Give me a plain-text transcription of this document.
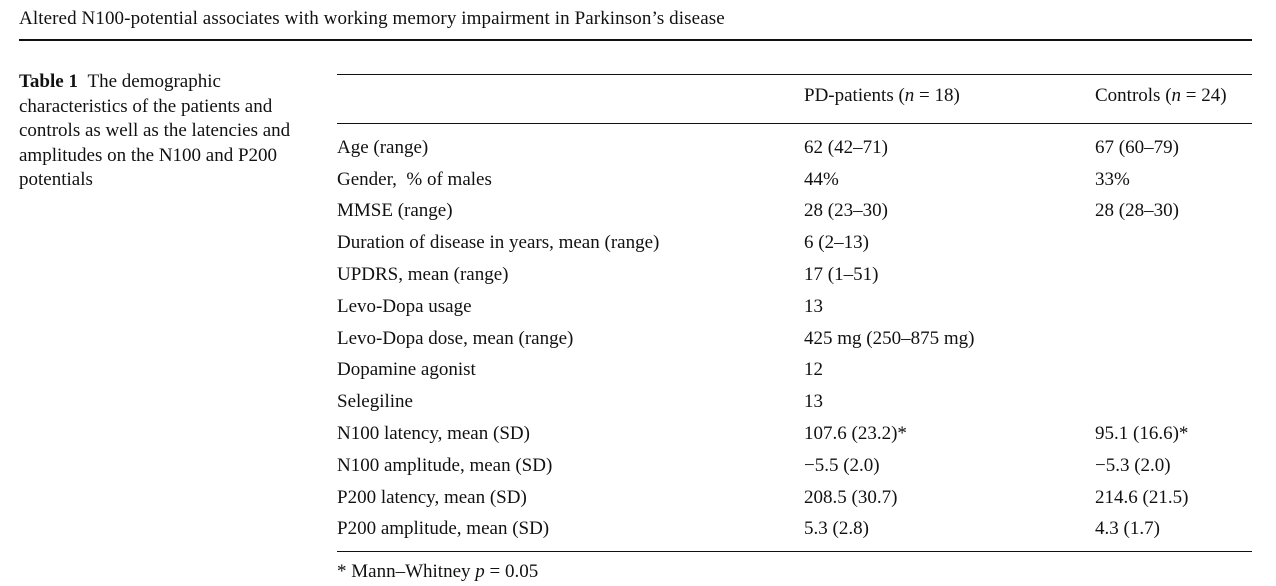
Altered N100-potential associates with working memory impairment in Parkinson’s disease
Table 1 The demographic characteristics of the patients and controls as well as the latencies and amplitudes on the N100 and P200 potentials
	PD-patients (n = 18)	Controls (n = 24)
Age (range)	62 (42–71)	67 (60–79)
Gender,  % of males	44%	33%
MMSE (range)	28 (23–30)	28 (28–30)
Duration of disease in years, mean (range)	6 (2–13)	
UPDRS, mean (range)	17 (1–51)	
Levo-Dopa usage	13	
Levo-Dopa dose, mean (range)	425 mg (250–875 mg)	
Dopamine agonist	12	
Selegiline	13	
N100 latency, mean (SD)	107.6 (23.2)*	95.1 (16.6)*
N100 amplitude, mean (SD)	−5.5 (2.0)	−5.3 (2.0)
P200 latency, mean (SD)	208.5 (30.7)	214.6 (21.5)
P200 amplitude, mean (SD)	5.3 (2.8)	4.3 (1.7)
* Mann–Whitney p = 0.05
